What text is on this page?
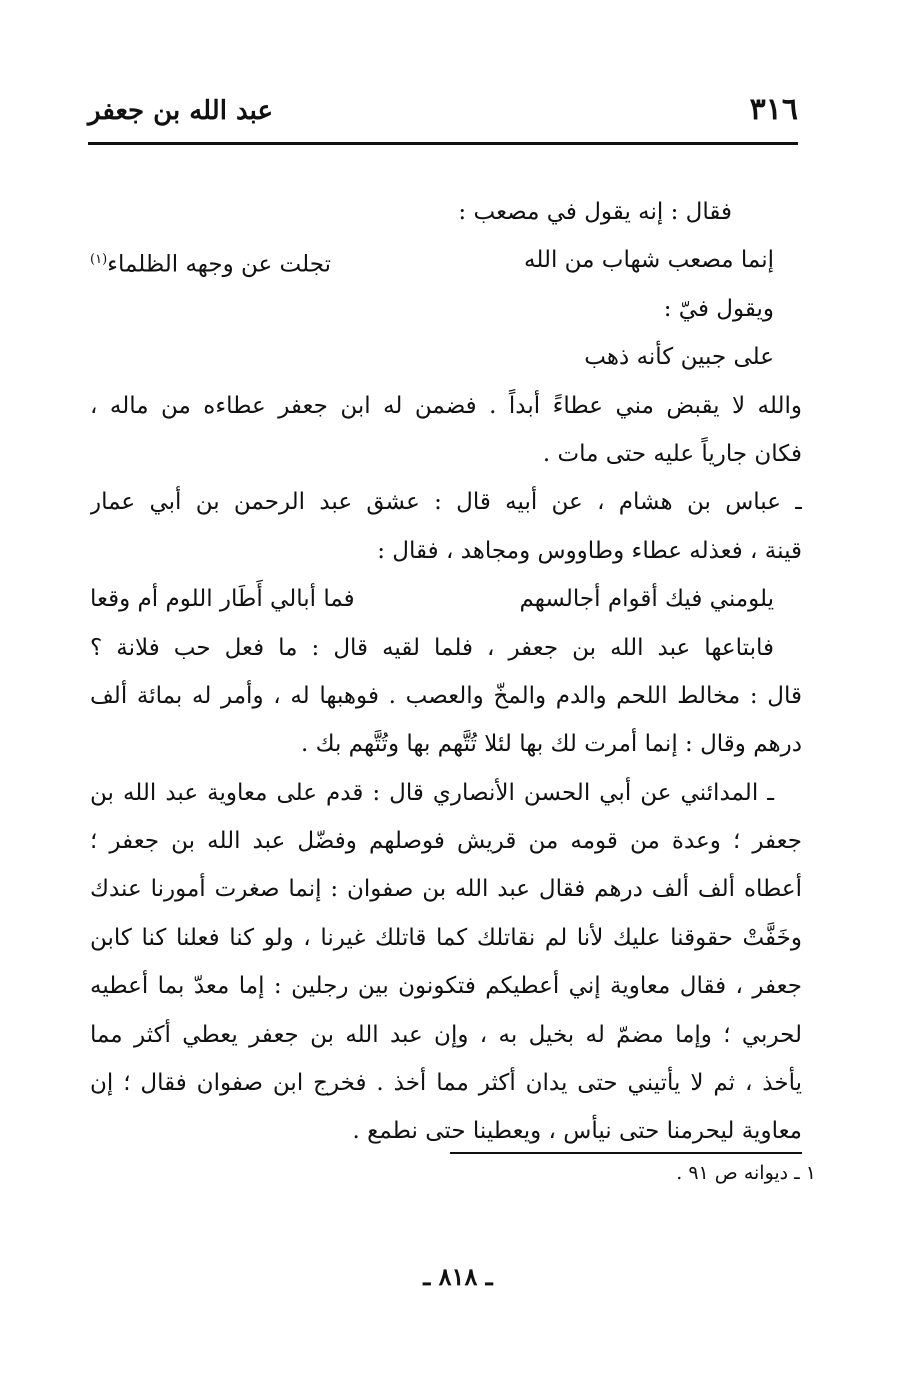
٣١٦
عبد الله بن جعفر
فقال : إنه يقول في مصعب :
إنما مصعب شهاب من الله
تجلت عن وجهه الظلماء$^{(١)}$
ويقول فيّ :
على جبين كأنه ذهب
والله لا يقبض مني عطاءً أبداً . فضمن له ابن جعفر عطاءه من ماله ،
فكان جارياً عليه حتى مات .
ـ عباس بن هشام ، عن أبيه قال : عشق عبد الرحمن بن أبي عمار
قينة ، فعذله عطاء وطاووس ومجاهد ، فقال :
يلومني فيك أقوام أجالسهم
فما أبالي أَطَار اللوم أم وقعا
فابتاعها عبد الله بن جعفر ، فلما لقيه قال : ما فعل حب فلانة ؟
قال : مخالط اللحم والدم والمخّ والعصب . فوهبها له ، وأمر له بمائة ألف
درهم وقال : إنما أمرت لك بها لئلا تُتَّهم بها وتُتَّهم بك .
ـ المدائني عن أبي الحسن الأنصاري قال : قدم على معاوية عبد الله بن
جعفر ؛ وعدة من قومه من قريش فوصلهم وفضّل عبد الله بن جعفر ؛
أعطاه ألف ألف درهم فقال عبد الله بن صفوان : إنما صغرت أمورنا عندك
وخَفَّتْ حقوقنا عليك لأنا لم نقاتلك كما قاتلك غيرنا ، ولو كنا فعلنا كنا كابن
جعفر ، فقال معاوية إني أعطيكم فتكونون بين رجلين : إما معدّ بما أعطيه
لحربي ؛ وإما مضمّ له بخيل به ، وإن عبد الله بن جعفر يعطي أكثر مما
يأخذ ، ثم لا يأتيني حتى يدان أكثر مما أخذ . فخرج ابن صفوان فقال ؛ إن
معاوية ليحرمنا حتى نيأس ، ويعطينا حتى نطمع .
١ ـ ديوانه ص ٩١ .
ـ ٨١٨ ـ
